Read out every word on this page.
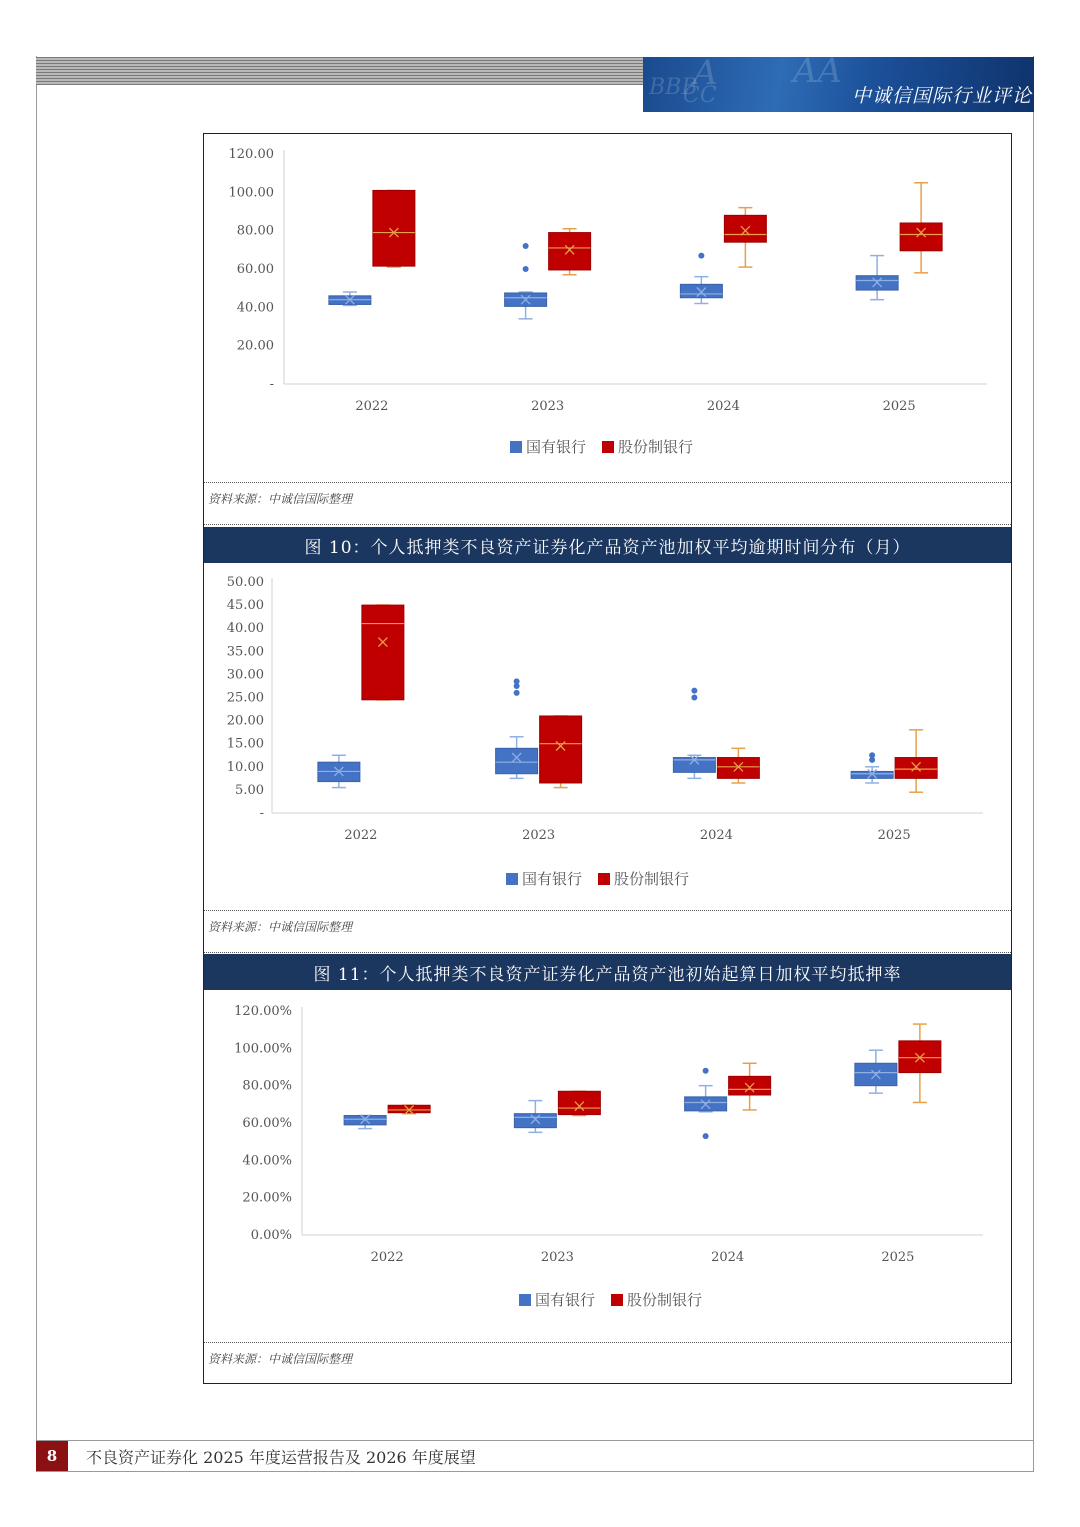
A AA
BBB
CC	中诚信国际行业评论
120.00
100.00
80.00
60.00
40.00
20.00
-
2022	2023	2024	2025
国有银行 股份制银行
资料来源：中诚信国际整理
图 10：个人抵押类不良资产证券化产品资产池加权平均逾期时间分布（月）
50.00
45.00
40.00
35.00
30.00
25.00
20.00
15.00
10.00
5.00
-
2022	2023	2024	2025
国有银行 股份制银行
资料来源：中诚信国际整理
图 11：个人抵押类不良资产证券化产品资产池初始起算日加权平均抵押率
120.00%
100.00%
80.00%
60.00%
40.00%
20.00%
0.00%
2022	2023	2024	2025
国有银行 股份制银行
资料来源：中诚信国际整理
8	不良资产证券化 2025 年度运营报告及 2026 年度展望
